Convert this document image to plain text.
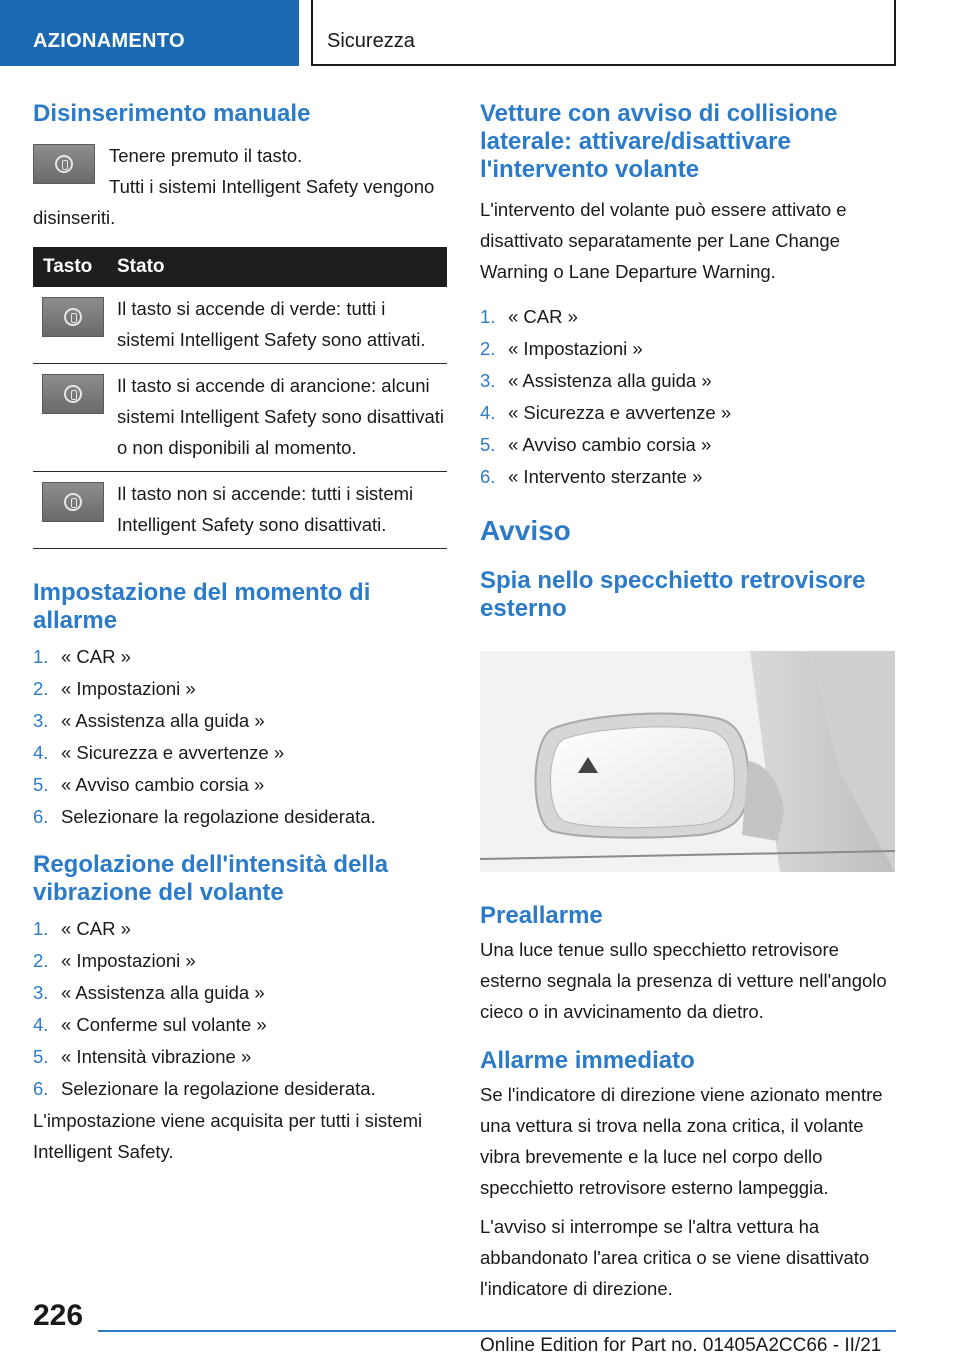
AZIONAMENTO	Sicurezza
Disinserimento manuale

Tenere premuto il tasto.

Tutti i sistemi Intelligent Safety vengono disinseriti.

Tasto	Stato

	Il tasto si accende di verde: tutti i sistemi Intelligent Safety sono attivati.

	Il tasto si accende di arancione: alcuni sistemi Intelligent Safety sono disattivati o non disponibili al momento.

	Il tasto non si accende: tutti i sistemi Intelligent Safety sono disattivati.
Impostazione del momento di allarme
1. « CAR »
2. « Impostazioni »
3. « Assistenza alla guida »
4. « Sicurezza e avvertenze »
5. « Avviso cambio corsia »
6. Selezionare la regolazione desiderata.
Regolazione dell'intensità della vibrazione del volante
1. « CAR »
2. « Impostazioni »
3. « Assistenza alla guida »
4. « Conferme sul volante »
5. « Intensità vibrazione »
6. Selezionare la regolazione desiderata.

L'impostazione viene acquisita per tutti i sistemi Intelligent Safety.

Vetture con avviso di collisione laterale: attivare/disattivare l'intervento volante

L'intervento del volante può essere attivato e disattivato separatamente per Lane Change Warning o Lane Departure Warning.

1. « CAR »
2. « Impostazioni »
3. « Assistenza alla guida »
4. « Sicurezza e avvertenze »
5. « Avviso cambio corsia »
6. « Intervento sterzante »
Avviso
Spia nello specchietto retrovisore esterno
Preallarme

Una luce tenue sullo specchietto retrovisore esterno segnala la presenza di vetture nell'angolo cieco o in avvicinamento da dietro.

Allarme immediato

Se l'indicatore di direzione viene azionato mentre una vettura si trova nella zona critica, il volante vibra brevemente e la luce nel corpo dello specchietto retrovisore esterno lampeggia.

L'avviso si interrompe se l'altra vettura ha abbandonato l'area critica o se viene disattivato l'indicatore di direzione.

226
Online Edition for Part no. 01405A2CC66 - II/21
